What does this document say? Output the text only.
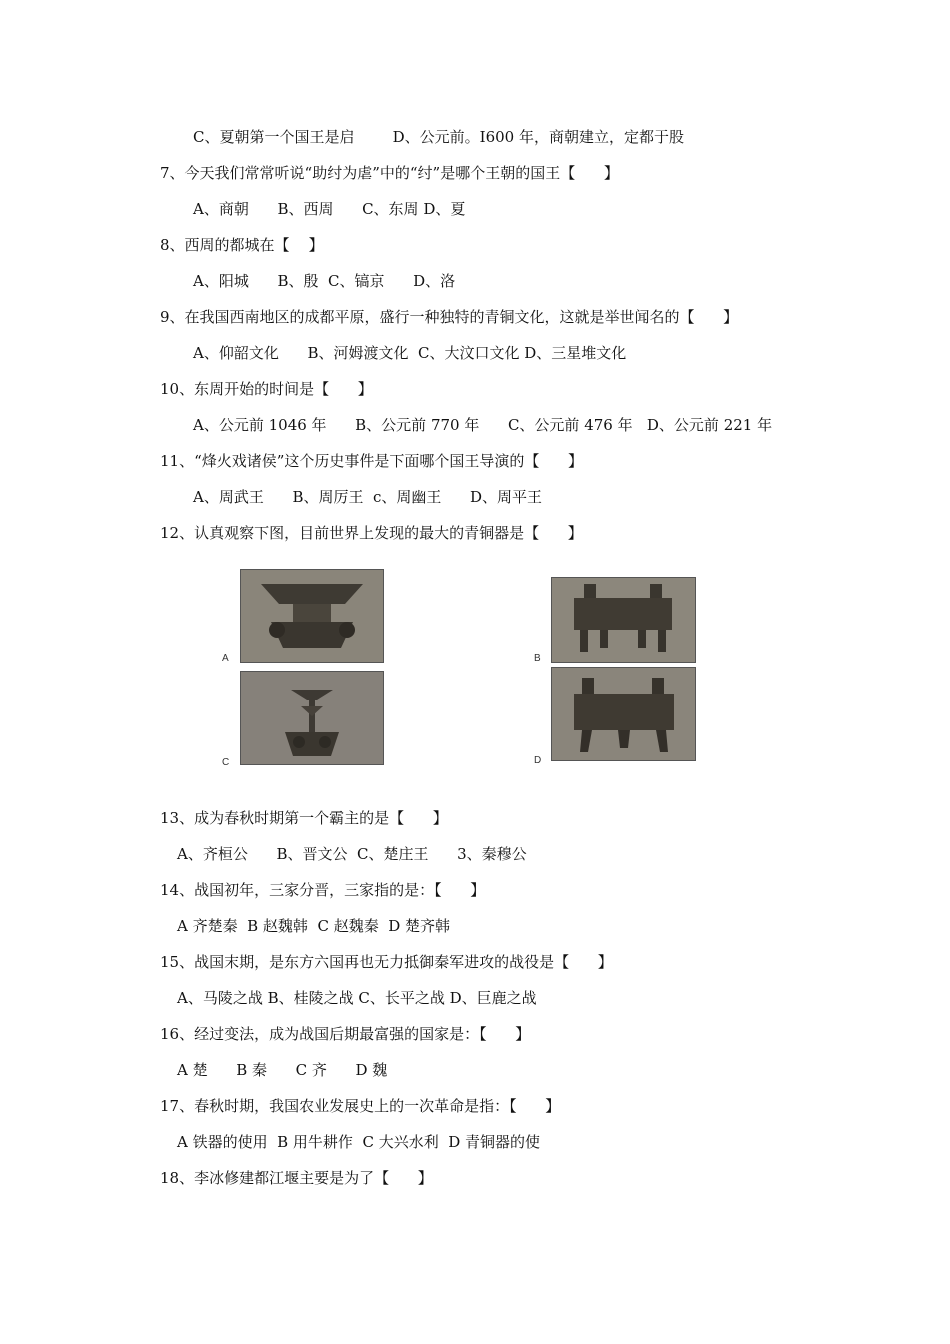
C、夏朝第一个国王是启        D、公元前。I600 年，商朝建立，定都于股
7、今天我们常常听说“助纣为虐”中的“纣”是哪个王朝的国王【      】
A、商朝      B、西周      C、东周 D、夏
8、西周的都城在【    】
A、阳城      B、殷  C、镐京      D、洛
9、在我国西南地区的成都平原，盛行一种独特的青铜文化，这就是举世闻名的【      】
A、仰韶文化      B、河姆渡文化  C、大汶口文化 D、三星堆文化
10、东周开始的时间是【      】
A、公元前 1046 年      B、公元前 770 年      C、公元前 476 年   D、公元前 221 年
11、“烽火戏诸侯”这个历史事件是下面哪个国王导演的【      】
A、周武王      B、周厉王  c、周幽王      D、周平王
12、认真观察下图，目前世界上发现的最大的青铜器是【      】
A	B
C	D
13、成为春秋时期第一个霸主的是【      】
A、齐桓公      B、晋文公  C、楚庄王      3、秦穆公
14、战国初年，三家分晋，三家指的是：【      】
A 齐楚秦  B 赵魏韩  C 赵魏秦  D 楚齐韩
15、战国末期，是东方六国再也无力抵御秦军进攻的战役是【      】
A、马陵之战 B、桂陵之战 C、长平之战 D、巨鹿之战
16、经过变法，成为战国后期最富强的国家是：【      】
A 楚      B 秦      C 齐      D 魏
17、春秋时期，我国农业发展史上的一次革命是指：【      】
A 铁器的使用  B 用牛耕作  C 大兴水利  D 青铜器的使
18、李冰修建都江堰主要是为了【      】
